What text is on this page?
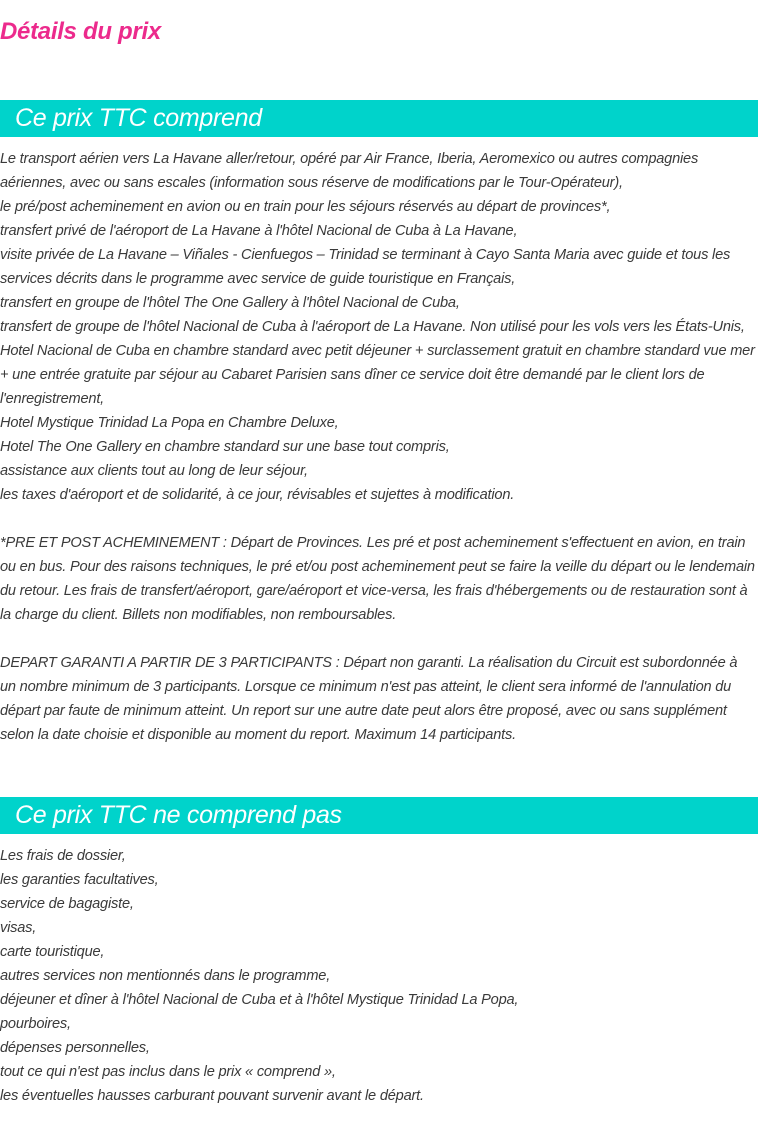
Détails du prix
Ce prix TTC comprend
Le transport aérien vers La Havane aller/retour, opéré par Air France, Iberia, Aeromexico ou autres compagnies aériennes, avec ou sans escales (information sous réserve de modifications par le Tour-Opérateur),
le pré/post acheminement en avion ou en train pour les séjours réservés au départ de provinces*,
transfert privé de l'aéroport de La Havane à l'hôtel Nacional de Cuba à La Havane,
visite privée de La Havane – Viñales - Cienfuegos – Trinidad se terminant à Cayo Santa Maria avec guide et tous les services décrits dans le programme avec service de guide touristique en Français,
transfert en groupe de l'hôtel The One Gallery à l'hôtel Nacional de Cuba,
transfert de groupe de l'hôtel Nacional de Cuba à l'aéroport de La Havane. Non utilisé pour les vols vers les États-Unis,
Hotel Nacional de Cuba en chambre standard avec petit déjeuner + surclassement gratuit en chambre standard vue mer + une entrée gratuite par séjour au Cabaret Parisien sans dîner ce service doit être demandé par le client lors de l'enregistrement,
Hotel Mystique Trinidad La Popa en Chambre Deluxe,
Hotel The One Gallery en chambre standard sur une base tout compris,
assistance aux clients tout au long de leur séjour,
les taxes d'aéroport et de solidarité, à ce jour, révisables et sujettes à modification.

*PRE ET POST ACHEMINEMENT : Départ de Provinces. Les pré et post acheminement s'effectuent en avion, en train ou en bus. Pour des raisons techniques, le pré et/ou post acheminement peut se faire la veille du départ ou le lendemain du retour. Les frais de transfert/aéroport, gare/aéroport et vice-versa, les frais d'hébergements ou de restauration sont à la charge du client. Billets non modifiables, non remboursables.

DEPART GARANTI A PARTIR DE 3 PARTICIPANTS : Départ non garanti. La réalisation du Circuit est subordonnée à un nombre minimum de 3 participants. Lorsque ce minimum n'est pas atteint, le client sera informé de l'annulation du départ par faute de minimum atteint. Un report sur une autre date peut alors être proposé, avec ou sans supplément selon la date choisie et disponible au moment du report. Maximum 14 participants.

Ce prix TTC ne comprend pas
Les frais de dossier,
les garanties facultatives,
service de bagagiste,
visas,
carte touristique,
autres services non mentionnés dans le programme,
déjeuner et dîner à l'hôtel Nacional de Cuba et à l'hôtel Mystique Trinidad La Popa,
pourboires,
dépenses personnelles,
tout ce qui n'est pas inclus dans le prix « comprend »,
les éventuelles hausses carburant pouvant survenir avant le départ.
